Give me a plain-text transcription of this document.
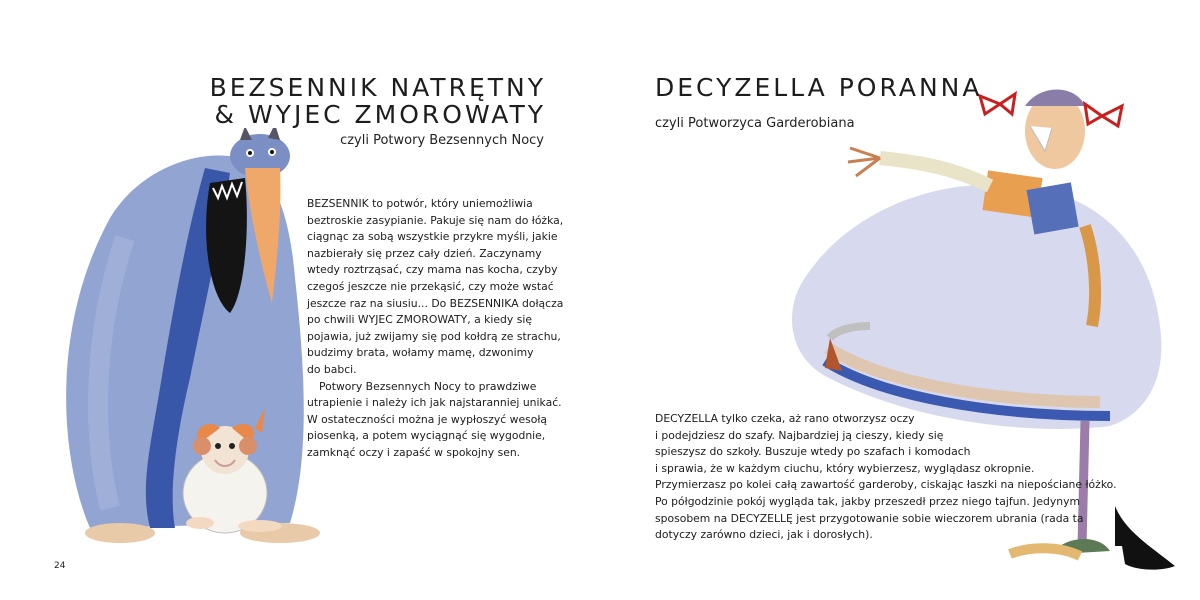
BEZSENNIK NATRĘTNY
& WYJEC ZMOROWATY

czyli Potwory Bezsennych Nocy

BEZSENNIK to potwór, który uniemożliwia
beztroskie zasypianie. Pakuje się nam do łóżka,
ciągnąc za sobą wszystkie przykre myśli, jakie
nazbierały się przez cały dzień. Zaczynamy
wtedy roztrząsać, czy mama nas kocha, czyby
czegoś jeszcze nie przekąsić, czy może wstać
jeszcze raz na siusiu... Do BEZSENNIKA dołącza
po chwili WYJEC ZMOROWATY, a kiedy się
pojawia, już zwijamy się pod kołdrą ze strachu,
budzimy brata, wołamy mamę, dzwonimy
do babci.

Potwory Bezsennych Nocy to prawdziwe
utrapienie i należy ich jak najstaranniej unikać.
W ostateczności można je wypłoszyć wesołą
piosenką, a potem wyciągnąć się wygodnie,
zamknąć oczy i zapaść w spokojny sen.

24
DECYZELLA PORANNA

czyli Potworzyca Garderobiana

DECYZELLA tylko czeka, aż rano otworzysz oczy
i podejdziesz do szafy. Najbardziej ją cieszy, kiedy się
spieszysz do szkoły. Buszuje wtedy po szafach i komodach
i sprawia, że w każdym ciuchu, który wybierzesz, wyglądasz okropnie.
Przymierzasz po kolei całą zawartość garderoby, ciskając łaszki na niepościane łóżko.
Po półgodzinie pokój wygląda tak, jakby przeszedł przez niego tajfun. Jedynym
sposobem na DECYZELLĘ jest przygotowanie sobie wieczorem ubrania (rada ta
dotyczy zarówno dzieci, jak i dorosłych).
